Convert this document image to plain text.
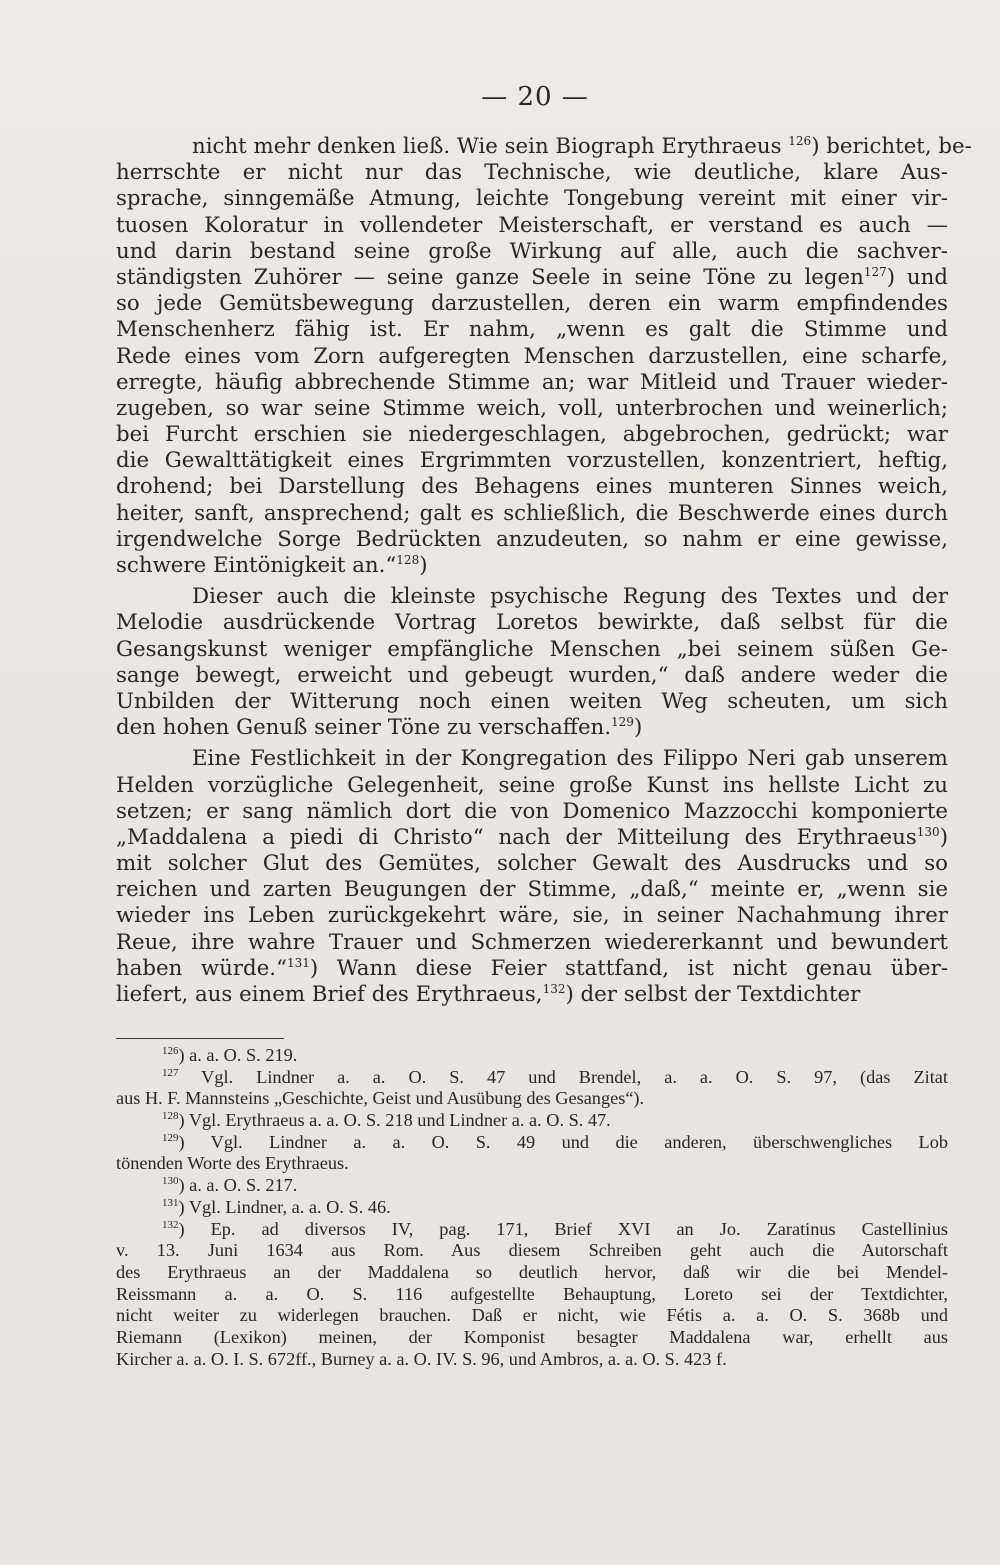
— 20 —
nicht mehr denken ließ. Wie sein Biograph Erythraeus $^{126}$) berichtet, be-
herrschte er nicht nur das Technische, wie deutliche, klare Aus-
sprache, sinngemäße Atmung, leichte Tongebung vereint mit einer vir-
tuosen Koloratur in vollendeter Meisterschaft, er verstand es auch —
und darin bestand seine große Wirkung auf alle, auch die sachver-
ständigsten Zuhörer — seine ganze Seele in seine Töne zu legen$^{127}$) und
so jede Gemütsbewegung darzustellen, deren ein warm empfindendes
Menschenherz fähig ist. Er nahm, „wenn es galt die Stimme und
Rede eines vom Zorn aufgeregten Menschen darzustellen, eine scharfe,
erregte, häufig abbrechende Stimme an; war Mitleid und Trauer wieder-
zugeben, so war seine Stimme weich, voll, unterbrochen und weinerlich;
bei Furcht erschien sie niedergeschlagen, abgebrochen, gedrückt; war
die Gewalttätigkeit eines Ergrimmten vorzustellen, konzentriert, heftig,
drohend; bei Darstellung des Behagens eines munteren Sinnes weich,
heiter, sanft, ansprechend; galt es schließlich, die Beschwerde eines durch
irgendwelche Sorge Bedrückten anzudeuten, so nahm er eine gewisse,
schwere Eintönigkeit an.“$^{128}$)
Dieser auch die kleinste psychische Regung des Textes und der
Melodie ausdrückende Vortrag Loretos bewirkte, daß selbst für die
Gesangskunst weniger empfängliche Menschen „bei seinem süßen Ge-
sange bewegt, erweicht und gebeugt wurden,“ daß andere weder die
Unbilden der Witterung noch einen weiten Weg scheuten, um sich
den hohen Genuß seiner Töne zu verschaffen.$^{129}$)
Eine Festlichkeit in der Kongregation des Filippo Neri gab unserem
Helden vorzügliche Gelegenheit, seine große Kunst ins hellste Licht zu
setzen; er sang nämlich dort die von Domenico Mazzocchi komponierte
„Maddalena a piedi di Christo“ nach der Mitteilung des Erythraeus$^{130}$)
mit solcher Glut des Gemütes, solcher Gewalt des Ausdrucks und so
reichen und zarten Beugungen der Stimme, „daß,“ meinte er, „wenn sie
wieder ins Leben zurückgekehrt wäre, sie, in seiner Nachahmung ihrer
Reue, ihre wahre Trauer und Schmerzen wiedererkannt und bewundert
haben würde.“$^{131}$) Wann diese Feier stattfand, ist nicht genau über-
liefert, aus einem Brief des Erythraeus,$^{132}$) der selbst der Textdichter
$^{126}$) a. a. O. S. 219.
$^{127}$ Vgl. Lindner a. a. O. S. 47 und Brendel, a. a. O. S. 97, (das Zitat
aus H. F. Mannsteins „Geschichte, Geist und Ausübung des Gesanges“).
$^{128}$) Vgl. Erythraeus a. a. O. S. 218 und Lindner a. a. O. S. 47.
$^{129}$) Vgl. Lindner a. a. O. S. 49 und die anderen, überschwengliches Lob
tönenden Worte des Erythraeus.
$^{130}$) a. a. O. S. 217.
$^{131}$) Vgl. Lindner, a. a. O. S. 46.
$^{132}$) Ep. ad diversos IV, pag. 171, Brief XVI an Jo. Zaratinus Castellinius
v. 13. Juni 1634 aus Rom. Aus diesem Schreiben geht auch die Autorschaft
des Erythraeus an der Maddalena so deutlich hervor, daß wir die bei Mendel-
Reissmann a. a. O. S. 116 aufgestellte Behauptung, Loreto sei der Textdichter,
nicht weiter zu widerlegen brauchen. Daß er nicht, wie Fétis a. a. O. S. 368b und
Riemann (Lexikon) meinen, der Komponist besagter Maddalena war, erhellt aus
Kircher a. a. O. I. S. 672ff., Burney a. a. O. IV. S. 96, und Ambros, a. a. O. S. 423 f.
